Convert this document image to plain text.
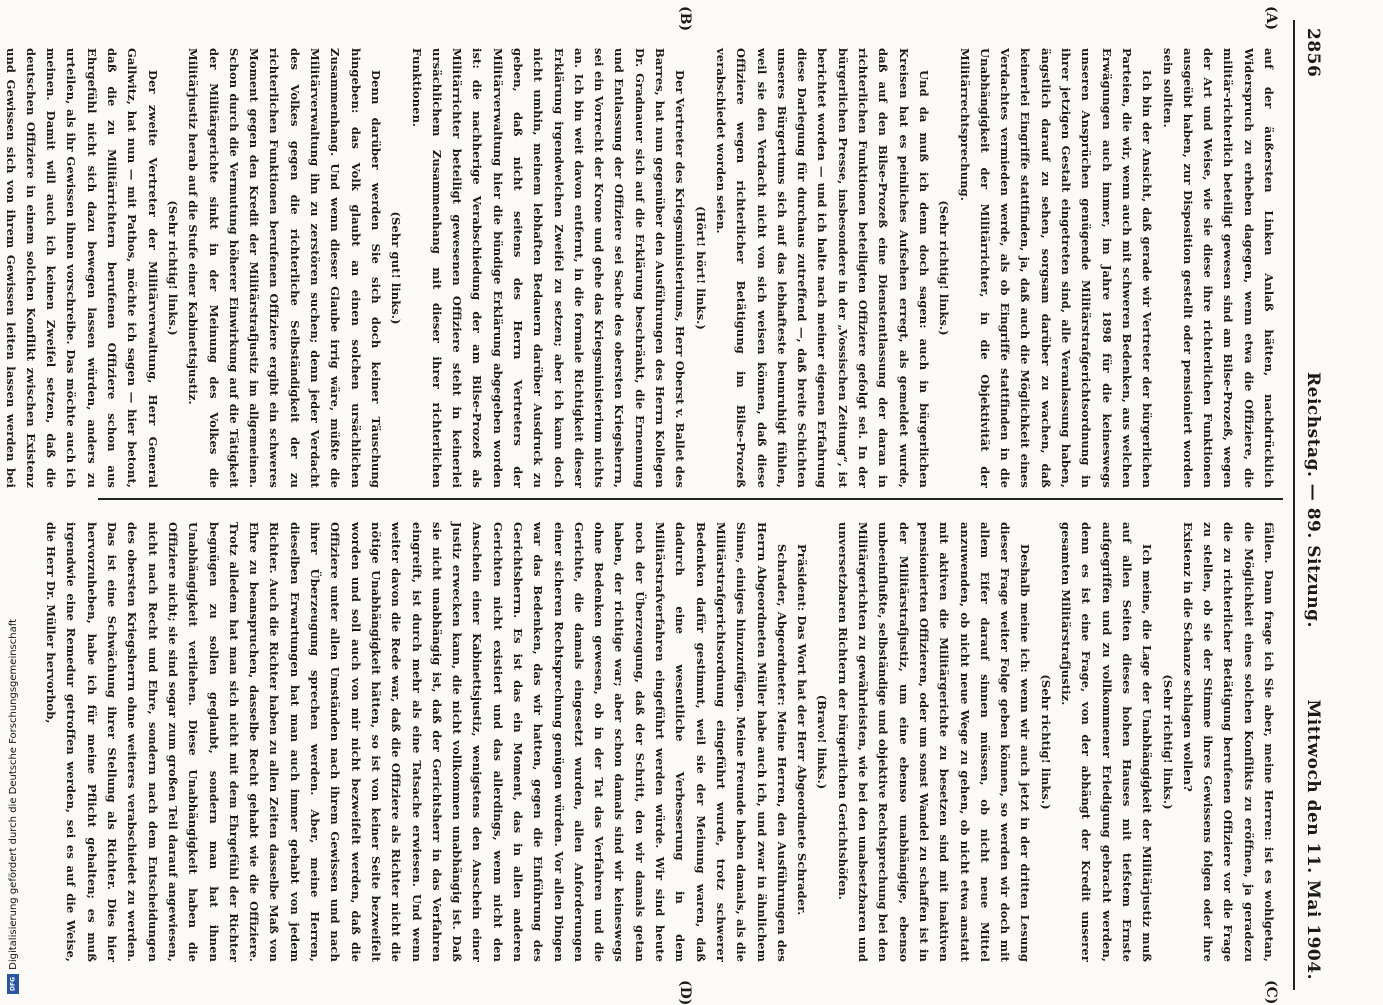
2856
Reichstag. — 89. Sitzung.
Mittwoch den 11. Mai 1904.
(A)
(B)
(C)
(D)

auf der äußersten Linken Anlaß hätten, nachdrücklich Widerspruch zu erheben dagegen, wenn etwa die Offiziere, die militär-richterlich beteiligt gewesen sind am Bilse-Prozeß, wegen der Art und Weise, wie sie diese ihre richterlichen Funktionen ausgeübt haben, zur Disposition gestellt oder pensioniert worden sein sollten.

Ich bin der Ansicht, daß gerade wir Vertreter der bürgerlichen Parteien, die wir, wenn auch mit schweren Bedenken, aus welchen Erwägungen auch immer, im Jahre 1898 für die keineswegs unseren Ansprüchen genügende Militärstrafgerichtsordnung in ihrer jetzigen Gestalt eingetreten sind, alle Veranlassung haben, ängstlich darauf zu sehen, sorgsam darüber zu wachen, daß keinerlei Eingriffe stattfinden, ja, daß auch die Möglichkeit eines Verdachtes vermieden werde, als ob Eingriffe stattfinden in die Unabhängigkeit der Militärrichter, in die Objektivität der Militärrechtsprechung.

(Sehr richtig! links.)

Und da muß ich denn doch sagen: auch in bürgerlichen Kreisen hat es peinliches Aufsehen erregt, als gemeldet wurde, daß auf den Bilse-Prozeß eine Dienstentlassung der daran in richterlichen Funktionen beteiligten Offiziere gefolgt sei. In der bürgerlichen Presse, insbesondere in der „Vossischen Zeitung“, ist berichtet worden — und ich halte nach meiner eigenen Erfahrung diese Darlegung für durchaus zutreffend —, daß breite Schichten unseres Bürgertums sich auf das lebhafteste beunruhigt fühlen, weil sie den Verdacht nicht von sich weisen können, daß diese Offiziere wegen richterlicher Betätigung im Bilse-Prozeß verabschiedet worden seien.

(Hört! hört! links.)

Der Vertreter des Kriegsministeriums, Herr Oberst v. Ballet des Barres, hat nun gegenüber den Ausführungen des Herrn Kollegen Dr. Gradnauer sich auf die Erklärung beschränkt, die Ernennung und Entlassung der Offiziere sei Sache des obersten Kriegsherrn, sei ein Vorrecht der Krone und gehe das Kriegsministerium nichts an. Ich bin weit davon entfernt, in die formale Richtigkeit dieser Erklärung irgendwelchen Zweifel zu setzen; aber ich kann doch nicht umhin, meinem lebhaften Bedauern darüber Ausdruck zu geben, daß nicht seitens des Herrn Vertreters der Militärverwaltung hier die bündige Erklärung abgegeben worden ist: die nachherige Verabschiedung der am Bilse-Prozeß als Militärrichter beteiligt gewesenen Offiziere steht in keinerlei ursächlichem Zusammenhang mit dieser ihrer richterlichen Funktionen.

(Sehr gut! links.)

Denn darüber werden Sie sich doch keiner Täuschung hingeben: das Volk glaubt an einen solchen ursächlichen Zusammenhang. Und wenn dieser Glaube irrig wäre, müßte die Militärverwaltung ihn zu zerstören suchen; denn jeder Verdacht des Volkes gegen die richterliche Selbständigkeit der zu richterlichen Funktionen berufenen Offiziere ergibt ein schweres Moment gegen den Kredit der Militärstrafjustiz im allgemeinen. Schon durch die Vermutung höherer Einwirkung auf die Tätigkeit der Militärgerichte sinkt in der Meinung des Volkes die Militärjustiz herab auf die Stufe einer Kabinettsjustiz.

(Sehr richtig! links.)

Der zweite Vertreter der Militärverwaltung, Herr General Gallwitz, hat nun — mit Pathos, möchte ich sagen — hier betont, daß die zu Militärrichtern berufenen Offiziere schon aus Ehrgefühl nicht sich dazu bewegen lassen würden, anders zu urteilen, als ihr Gewissen ihnen vorschreibe. Das möchte auch ich meinen. Damit will auch ich keinen Zweifel setzen, daß die deutschen Offiziere in einem solchen Konflikt zwischen Existenz und Gewissen sich von ihrem Gewissen leiten lassen werden bei

fällen. Dann frage ich Sie aber, meine Herren: ist es wohlgetan, die Möglichkeit eines solchen Konflikts zu eröffnen, ja geradezu die zu richterlicher Betätigung berufenen Offiziere vor die Frage zu stellen, ob sie der Stimme ihres Gewissens folgen oder ihre Existenz in die Schanze schlagen wollen?

(Sehr richtig! links.)

Ich meine, die Lage der Unabhängigkeit der Militärjustiz muß auf allen Seiten dieses hohen Hauses mit tiefstem Ernste aufgegriffen und zu vollkommener Erledigung gebracht werden, denn es ist eine Frage, von der abhängt der Kredit unserer gesamten Militärstrafjustiz.

(Sehr richtig! links.)

Deshalb meine ich: wenn wir auch jetzt in der dritten Lesung dieser Frage weiter Folge geben können, so werden wir doch mit allem Eifer darauf sinnen müssen, ob nicht neue Mittel anzuwenden, ob nicht neue Wege zu gehen, ob nicht etwa anstatt mit aktiven die Militärgerichte zu besetzen sind mit inaktiven pensionierten Offizieren, oder um sonst Wandel zu schaffen ist in der Militärstrafjustiz, um eine ebenso unabhängige, ebenso unbeeinflußte, selbständige und objektive Rechtsprechung bei den Militärgerichten zu gewährleisten, wie bei den unabsetzbaren und unversetzbaren Richtern der bürgerlichen Gerichtshöfen.

(Bravo! links.)

Präsident: Das Wort hat der Herr Abgeordnete Schrader.

Schrader, Abgeordneter: Meine Herren, den Ausführungen des Herrn Abgeordneten Müller habe auch ich, und zwar in ähnlichem Sinne, einiges hinzuzufügen. Meine Freunde haben damals, als die Militärstrafgerichtsordnung eingeführt wurde, trotz schwerer Bedenken dafür gestimmt, weil sie der Meinung waren, daß dadurch eine wesentliche Verbesserung in dem Militärstrafverfahren eingeführt werden würde. Wir sind heute noch der Überzeugung, daß der Schritt, den wir damals getan haben, der richtige war; aber schon damals sind wir keineswegs ohne Bedenken gewesen, ob in der Tat das Verfahren und die Gerichte, die damals eingesetzt wurden, allen Anforderungen einer sicheren Rechtsprechung genügen würden. Vor allen Dingen war das Bedenken, das wir hatten, gegen die Einführung des Gerichtsherrn. Es ist das ein Moment, das in allen anderen Gerichten nicht existiert und das allerdings, wenn nicht den Anschein einer Kabinettsjustiz, wenigstens den Anschein einer Justiz erwecken kann, die nicht vollkommen unabhängig ist. Daß sie nicht unabhängig ist, daß der Gerichtsherr in das Verfahren eingreift, ist durch mehr als eine Tatsache erwiesen. Und wenn weiter davon die Rede war, daß die Offiziere als Richter nicht die nötige Unabhängigkeit hätten, so ist von keiner Seite bezweifelt worden und soll auch von mir nicht bezweifelt werden, daß die Offiziere unter allen Umständen nach ihrem Gewissen und nach ihrer Überzeugung sprechen werden. Aber, meine Herren, dieselben Erwartungen hat man auch immer gehabt von jedem Richter. Auch die Richter haben zu allen Zeiten dasselbe Maß von Ehre zu beanspruchen, dasselbe Recht gehabt wie die Offiziere. Trotz alledem hat man sich nicht mit dem Ehrgefühl der Richter begnügen zu sollen geglaubt, sondern man hat ihnen Unabhängigkeit verliehen. Diese Unabhängigkeit haben die Offiziere nicht; sie sind sogar zum großen Teil darauf angewiesen, nicht nach Recht und Ehre, sondern nach dem Entscheidungen des obersten Kriegsherrn ohne weiteres verabschiedet zu werden. Das ist eine Schwächung ihrer Stellung als Richter. Dies hier hervorzuheben, habe ich für meine Pflicht gehalten; es muß irgendwie eine Remedur getroffen werden, sei es auf die Weise, die Herr Dr. Müller hervorhob,

Digitalisierung gefördert durch die Deutsche Forschungsgemeinschaft
DFG
